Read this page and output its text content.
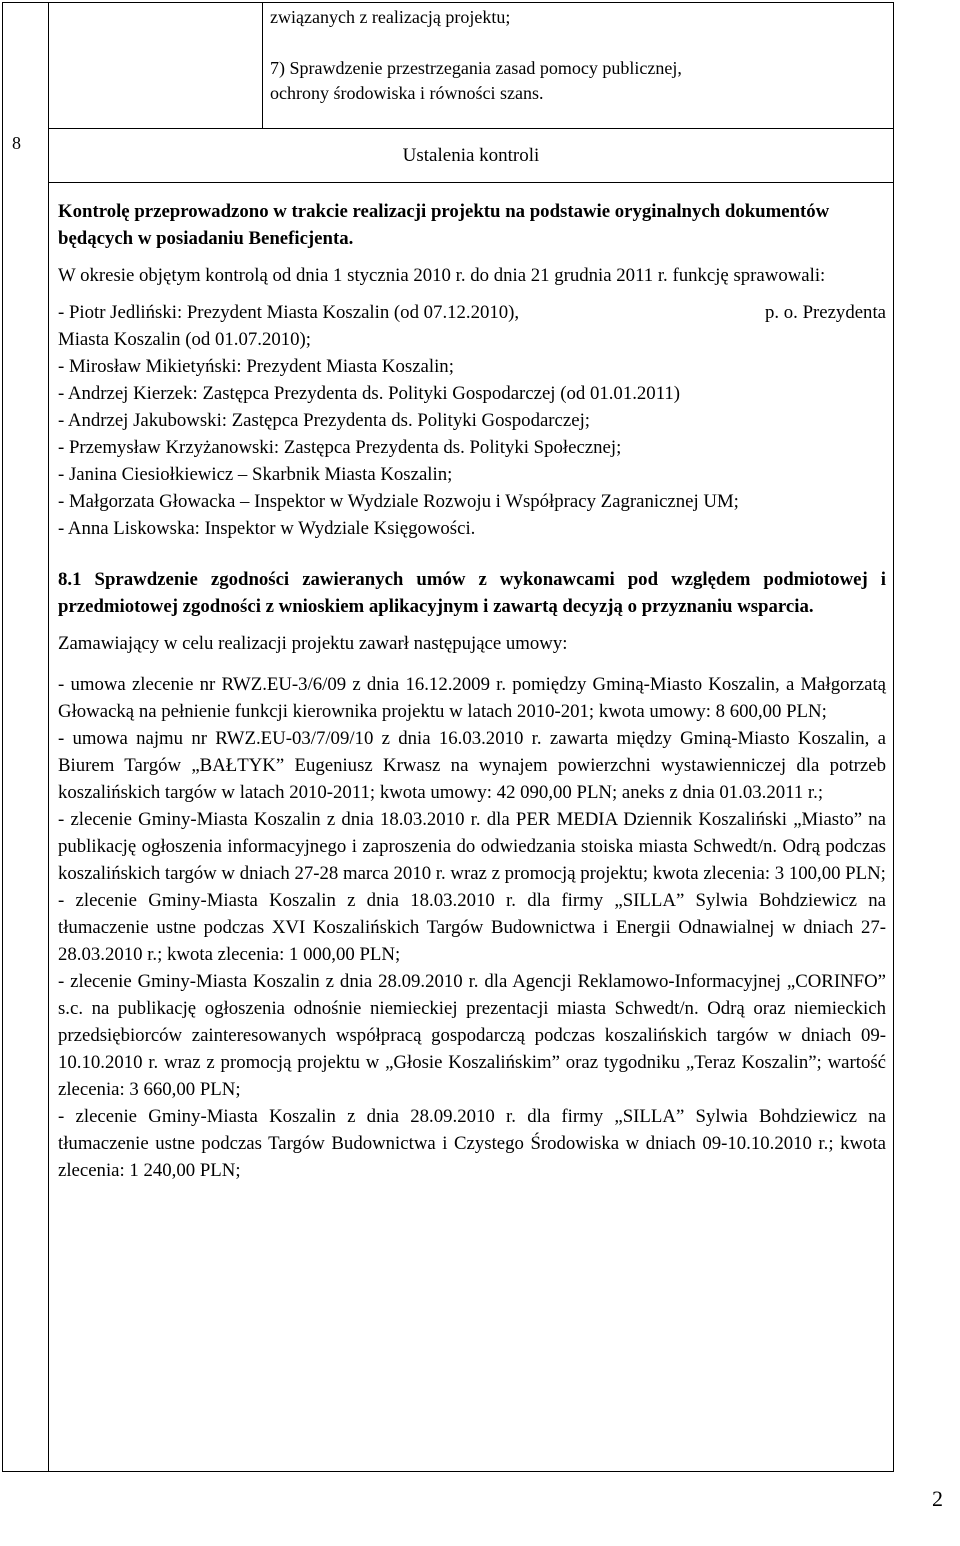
8
związanych z realizacją projektu;
7) Sprawdzenie przestrzegania zasad pomocy publicznej,
ochrony środowiska i równości szans.
Ustalenia kontroli

Kontrolę przeprowadzono w trakcie realizacji projektu na podstawie oryginalnych dokumentów będących w posiadaniu Beneficjenta.

W okresie objętym kontrolą od dnia 1 stycznia 2010 r. do dnia 21 grudnia 2011 r. funkcję sprawowali:

- Piotr Jedliński: Prezydent Miasta Koszalin (od 07.12.2010),	p. o. Prezydenta

Miasta Koszalin (od 01.07.2010);

- Mirosław Mikietyński: Prezydent Miasta Koszalin;

- Andrzej Kierzek: Zastępca Prezydenta ds. Polityki Gospodarczej (od 01.01.2011)

- Andrzej Jakubowski: Zastępca Prezydenta ds. Polityki Gospodarczej;

- Przemysław Krzyżanowski: Zastępca Prezydenta ds. Polityki Społecznej;

- Janina Ciesiołkiewicz – Skarbnik Miasta Koszalin;

- Małgorzata Głowacka – Inspektor w Wydziale Rozwoju i Współpracy Zagranicznej UM;

- Anna Liskowska: Inspektor w Wydziale Księgowości.

8.1 Sprawdzenie zgodności zawieranych umów z wykonawcami pod względem podmiotowej i przedmiotowej zgodności z wnioskiem aplikacyjnym i zawartą decyzją o przyznaniu wsparcia.

Zamawiający w celu realizacji projektu zawarł następujące umowy:

- umowa zlecenie nr RWZ.EU-3/6/09 z dnia 16.12.2009 r. pomiędzy Gminą-Miasto Koszalin, a Małgorzatą Głowacką na pełnienie funkcji kierownika projektu w latach 2010-201; kwota umowy: 8 600,00 PLN;

- umowa najmu nr RWZ.EU-03/7/09/10 z dnia 16.03.2010 r. zawarta między Gminą-Miasto Koszalin, a Biurem Targów „BAŁTYK” Eugeniusz Krwasz na wynajem powierzchni wystawienniczej dla potrzeb koszalińskich targów w latach 2010-2011; kwota umowy: 42 090,00 PLN; aneks z dnia 01.03.2011 r.;

- zlecenie Gminy-Miasta Koszalin z dnia 18.03.2010 r. dla PER MEDIA Dziennik Koszaliński „Miasto” na publikację ogłoszenia informacyjnego i zaproszenia do odwiedzania stoiska miasta Schwedt/n. Odrą podczas koszalińskich targów w dniach 27-28 marca 2010 r. wraz z promocją projektu; kwota zlecenia: 3 100,00 PLN;

- zlecenie Gminy-Miasta Koszalin z dnia 18.03.2010 r. dla firmy „SILLA” Sylwia Bohdziewicz na tłumaczenie ustne podczas XVI Koszalińskich Targów Budownictwa i Energii Odnawialnej w dniach 27-28.03.2010 r.; kwota zlecenia: 1 000,00 PLN;

- zlecenie Gminy-Miasta Koszalin z dnia 28.09.2010 r. dla Agencji Reklamowo-Informacyjnej „CORINFO” s.c. na publikację ogłoszenia odnośnie niemieckiej prezentacji miasta Schwedt/n. Odrą oraz niemieckich przedsiębiorców zainteresowanych współpracą gospodarczą podczas koszalińskich targów w dniach 09-10.10.2010 r. wraz z promocją projektu w „Głosie Koszalińskim” oraz tygodniku „Teraz Koszalin”; wartość zlecenia: 3 660,00 PLN;

- zlecenie Gminy-Miasta Koszalin z dnia 28.09.2010 r. dla firmy „SILLA” Sylwia Bohdziewicz na tłumaczenie ustne podczas Targów Budownictwa i Czystego Środowiska w dniach 09-10.10.2010 r.; kwota zlecenia: 1 240,00 PLN;

2
